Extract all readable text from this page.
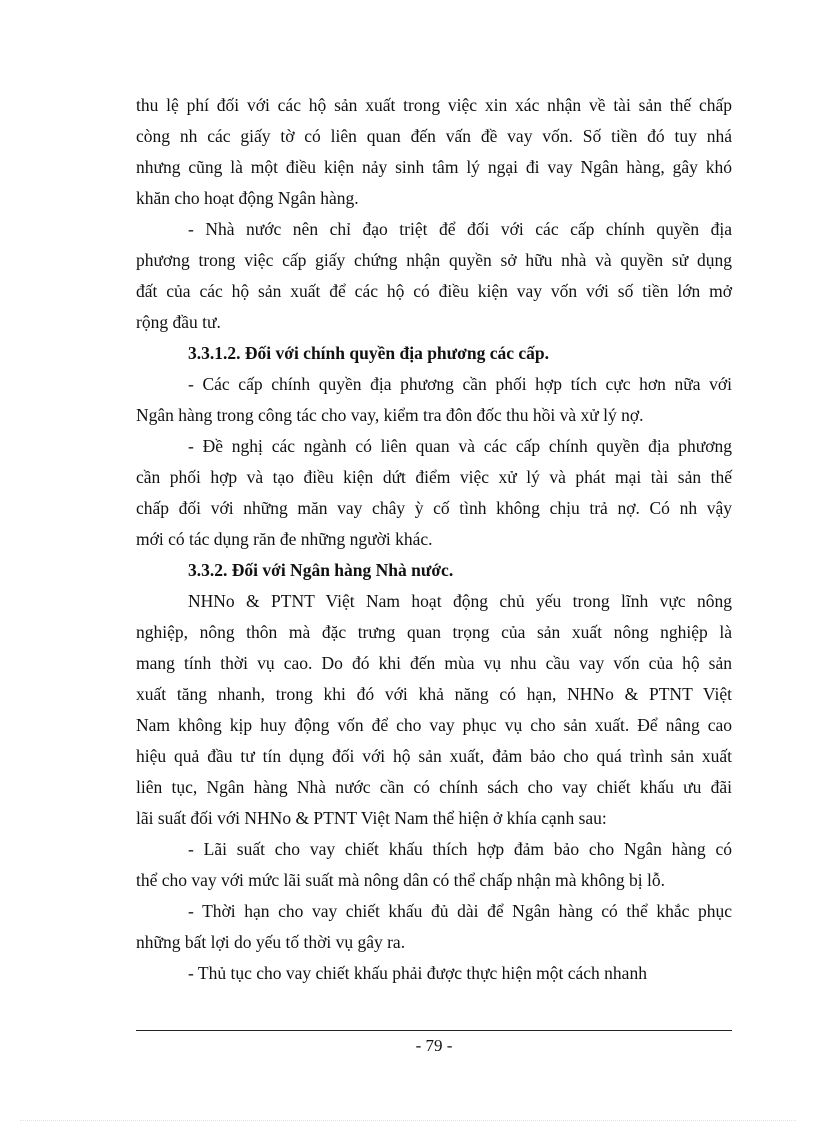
thu lệ phí đối với các hộ sản xuất trong việc xin xác nhận về tài sản thế chấp
còng nh các giấy tờ có liên quan đến vấn đề vay vốn. Số tiền đó tuy nhá
nhưng cũng là một điều kiện nảy sinh tâm lý ngại đi vay Ngân hàng, gây khó
khăn cho hoạt động Ngân hàng.
- Nhà nước nên chỉ đạo triệt để đối với các cấp chính quyền địa
phương trong việc cấp giấy chứng nhận quyền sở hữu nhà và quyền sử dụng
đất của các hộ sản xuất để các hộ có điều kiện vay vốn với số tiền lớn mở
rộng đầu tư.
3.3.1.2. Đối với chính quyền địa phương các cấp.
- Các cấp chính quyền địa phương cần phối hợp tích cực hơn nữa với
Ngân hàng trong công tác cho vay, kiểm tra đôn đốc thu hồi và xử lý nợ.
- Đề nghị các ngành có liên quan và các cấp chính quyền địa phương
cần phối hợp và tạo điều kiện dứt điểm việc xử lý và phát mại tài sản thế
chấp đối với những măn vay chây ỳ cố tình không chịu trả nợ. Có nh vậy
mới có tác dụng răn đe những người khác.
3.3.2. Đối với Ngân hàng Nhà nước.
NHNo & PTNT Việt Nam hoạt động chủ yếu trong lĩnh vực nông
nghiệp, nông thôn mà đặc trưng quan trọng của sản xuất nông nghiệp là
mang tính thời vụ cao. Do đó khi đến mùa vụ nhu cầu vay vốn của hộ sản
xuất tăng nhanh, trong khi đó với khả năng có hạn, NHNo & PTNT Việt
Nam không kịp huy động vốn để cho vay phục vụ cho sản xuất. Để nâng cao
hiệu quả đầu tư tín dụng đối với hộ sản xuất, đảm bảo cho quá trình sản xuất
liên tục, Ngân hàng Nhà nước cần có chính sách cho vay chiết khấu ưu đãi
lãi suất đối với NHNo & PTNT Việt Nam thể hiện ở khía cạnh sau:
- Lãi suất cho vay chiết khấu thích hợp đảm bảo cho Ngân hàng có
thể cho vay với mức lãi suất mà nông dân có thể chấp nhận mà không bị lỗ.
- Thời hạn cho vay chiết khấu đủ dài để Ngân hàng có thể khắc phục
những bất lợi do yếu tố thời vụ gây ra.
- Thủ tục cho vay chiết khấu phải được thực hiện một cách nhanh
- 79 -
